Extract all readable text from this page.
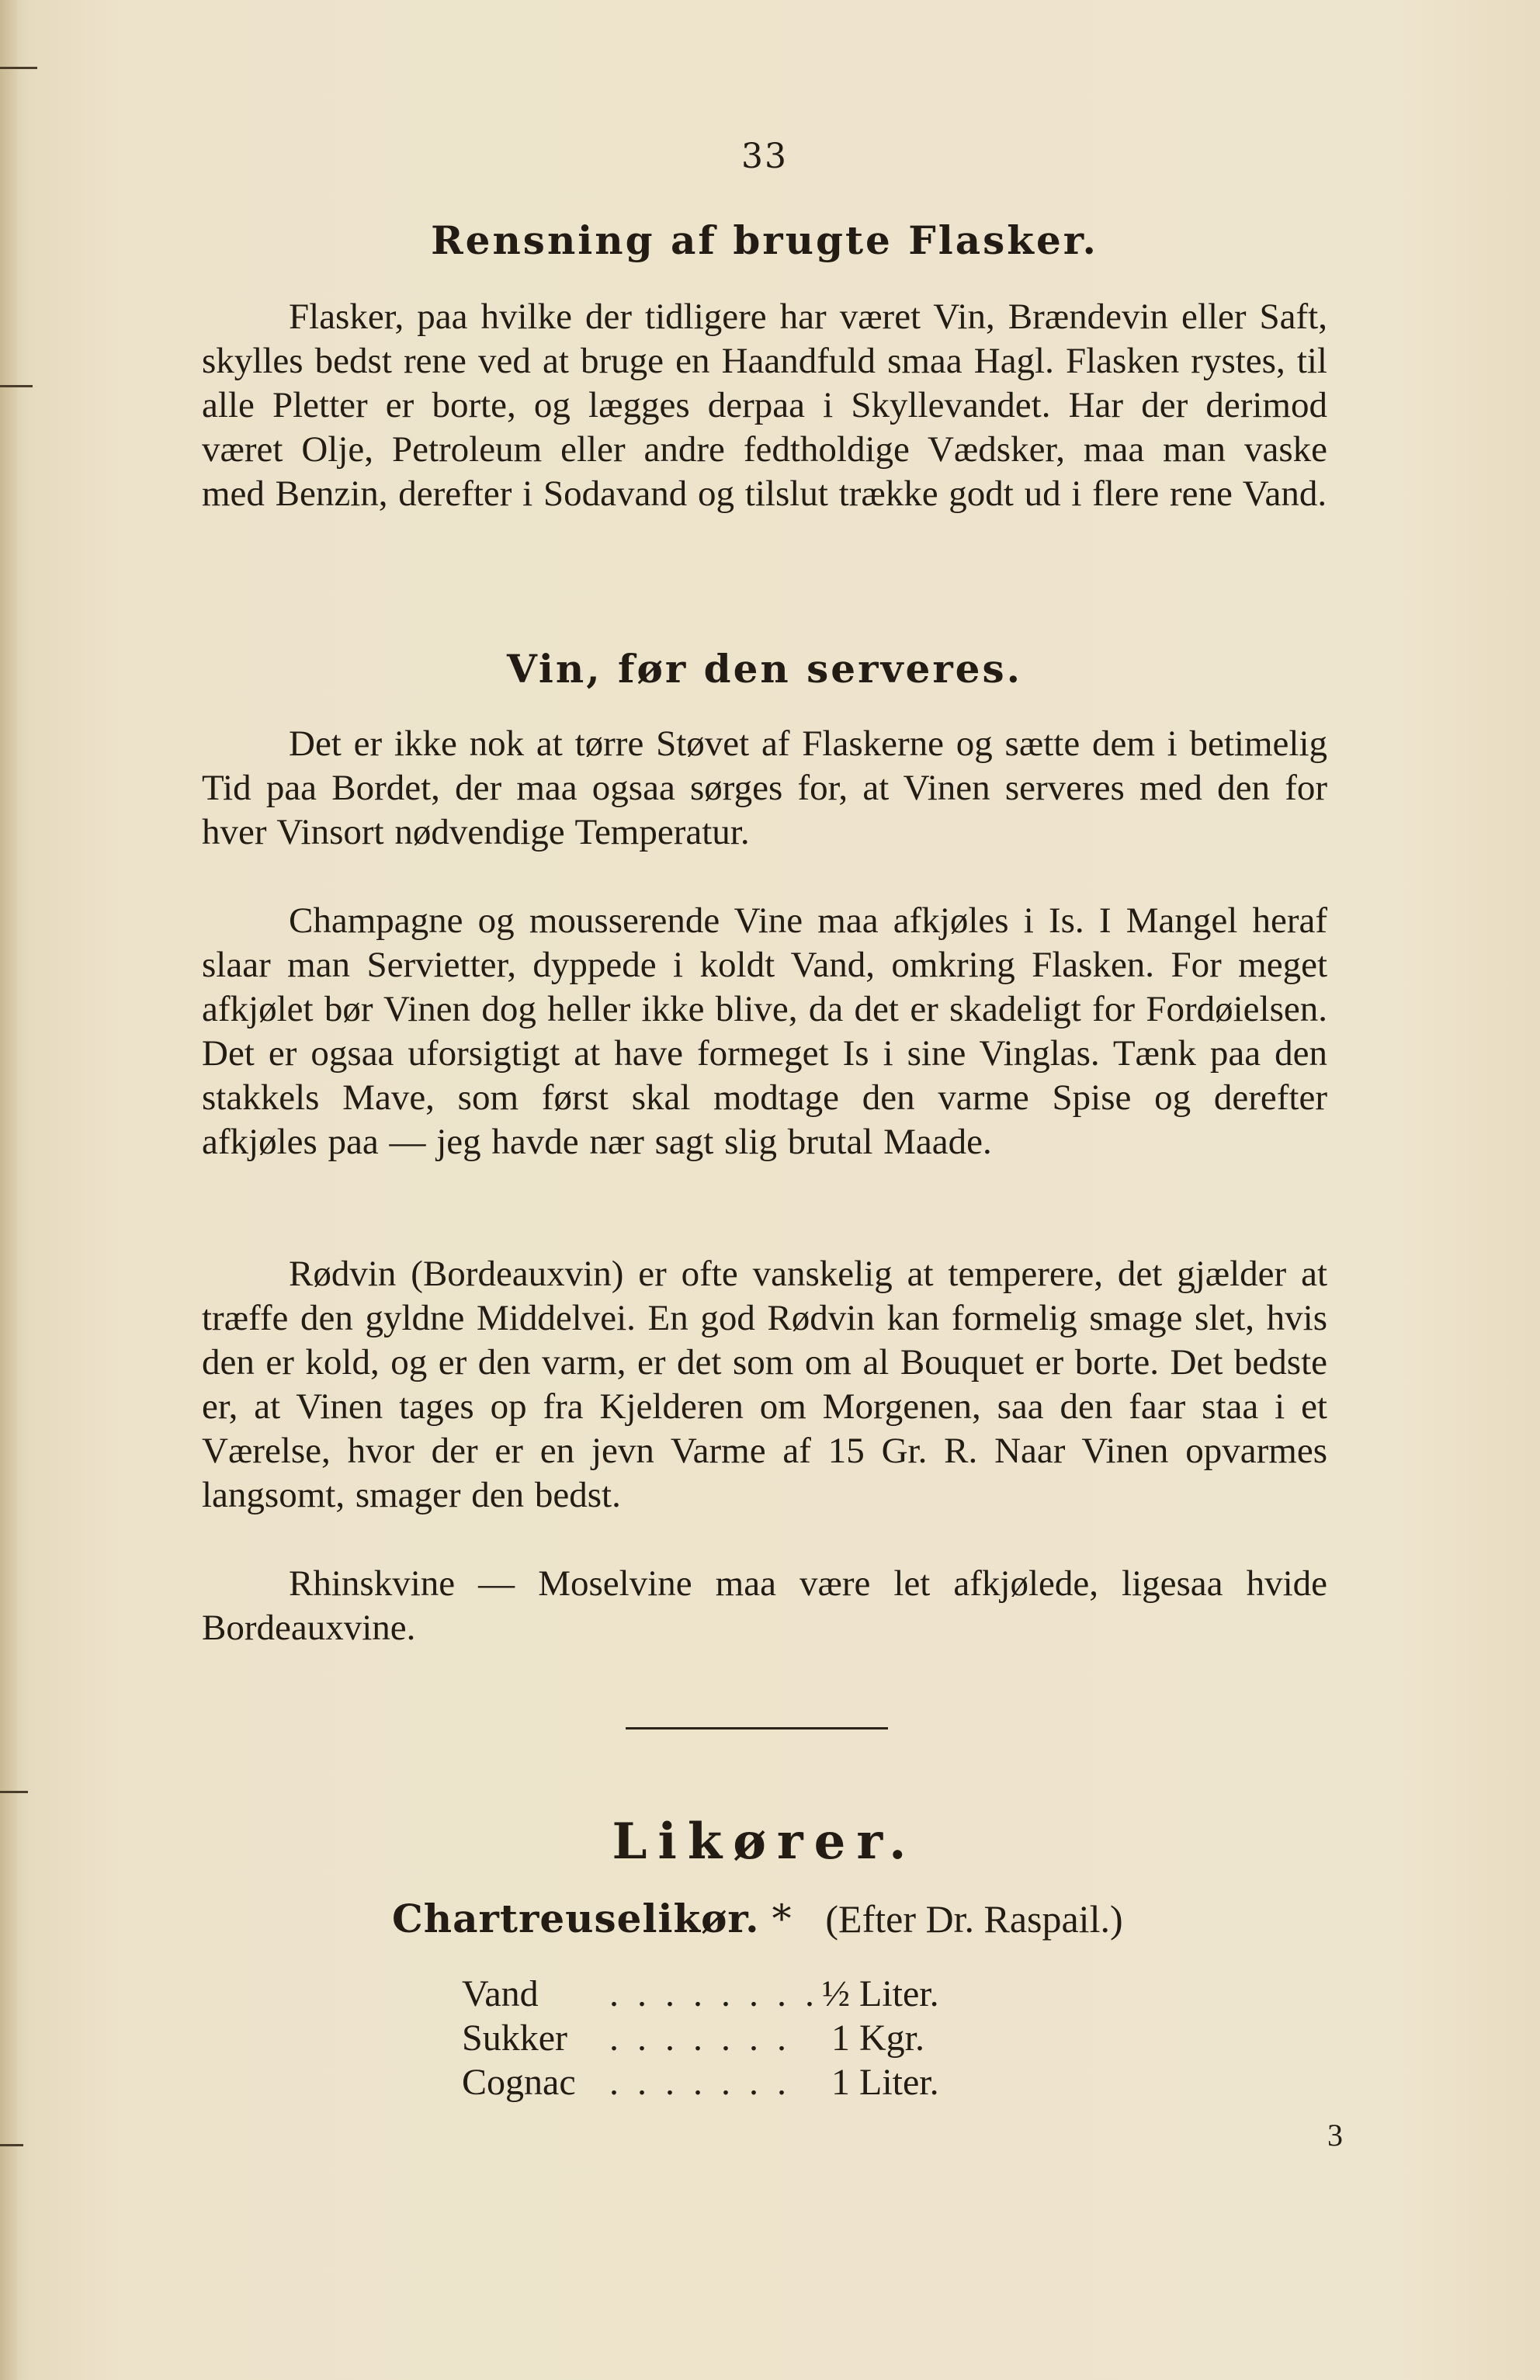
33
Rensning af brugte Flasker.

Flasker, paa hvilke der tidligere har været Vin, Brændevin eller Saft, skylles bedst rene ved at bruge en Haandfuld smaa Hagl. Flasken rystes, til alle Pletter er borte, og lægges derpaa i Skyllevandet. Har der derimod været Olje, Petroleum eller andre fedtholdige Vædsker, maa man vaske med Benzin, derefter i Sodavand og tilslut trække godt ud i flere rene Vand.

Vin, før den serveres.

Det er ikke nok at tørre Støvet af Flaskerne og sætte dem i betimelig Tid paa Bordet, der maa ogsaa sørges for, at Vinen serveres med den for hver Vinsort nødvendige Temperatur.

Champagne og mousserende Vine maa afkjøles i Is. I Mangel heraf slaar man Servietter, dyppede i koldt Vand, omkring Flasken. For meget afkjølet bør Vinen dog heller ikke blive, da det er skadeligt for Fordøielsen. Det er ogsaa uforsigtigt at have formeget Is i sine Vinglas. Tænk paa den stakkels Mave, som først skal modtage den varme Spise og derefter afkjøles paa — jeg havde nær sagt slig brutal Maade.

Rødvin (Bordeauxvin) er ofte vanskelig at temperere, det gjælder at træffe den gyldne Middelvei. En god Rødvin kan formelig smage slet, hvis den er kold, og er den varm, er det som om al Bouquet er borte. Det bedste er, at Vinen tages op fra Kjelderen om Morgenen, saa den faar staa i et Værelse, hvor der er en jevn Varme af 15 Gr. R. Naar Vinen opvarmes langsomt, smager den bedst.

Rhinskvine — Moselvine maa være let afkjølede, ligesaa hvide Bordeauxvine.

Likører.
Chartreuselikør. * (Efter Dr. Raspail.)
Vand . . . . . . . .½ Liter.
Sukker . . . . . . . 1 Kgr.
Cognac . . . . . . . 1 Liter.
3
